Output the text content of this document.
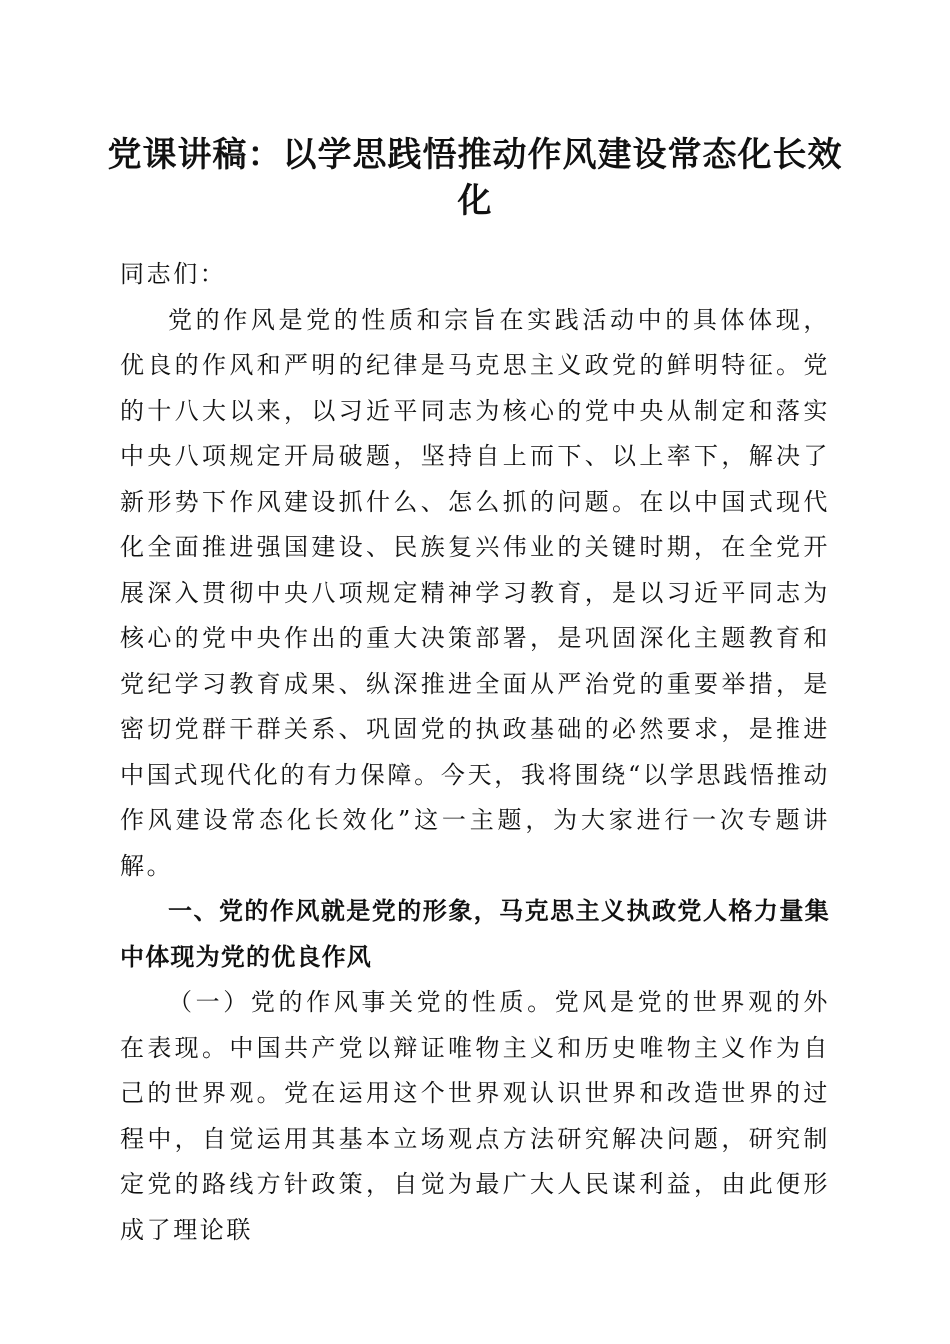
党课讲稿：以学思践悟推动作风建设常态化长效化

同志们：

党的作风是党的性质和宗旨在实践活动中的具体体现，优良的作风和严明的纪律是马克思主义政党的鲜明特征。党的十八大以来，以习近平同志为核心的党中央从制定和落实中央八项规定开局破题，坚持自上而下、以上率下，解决了新形势下作风建设抓什么、怎么抓的问题。在以中国式现代化全面推进强国建设、民族复兴伟业的关键时期，在全党开展深入贯彻中央八项规定精神学习教育，是以习近平同志为核心的党中央作出的重大决策部署，是巩固深化主题教育和党纪学习教育成果、纵深推进全面从严治党的重要举措，是密切党群干群关系、巩固党的执政基础的必然要求，是推进中国式现代化的有力保障。今天，我将围绕“以学思践悟推动作风建设常态化长效化”这一主题，为大家进行一次专题讲解。

一、党的作风就是党的形象，马克思主义执政党人格力量集中体现为党的优良作风

（一）党的作风事关党的性质。党风是党的世界观的外在表现。中国共产党以辩证唯物主义和历史唯物主义作为自己的世界观。党在运用这个世界观认识世界和改造世界的过程中，自觉运用其基本立场观点方法研究解决问题，研究制定党的路线方针政策，自觉为最广大人民谋利益，由此便形成了理论联
